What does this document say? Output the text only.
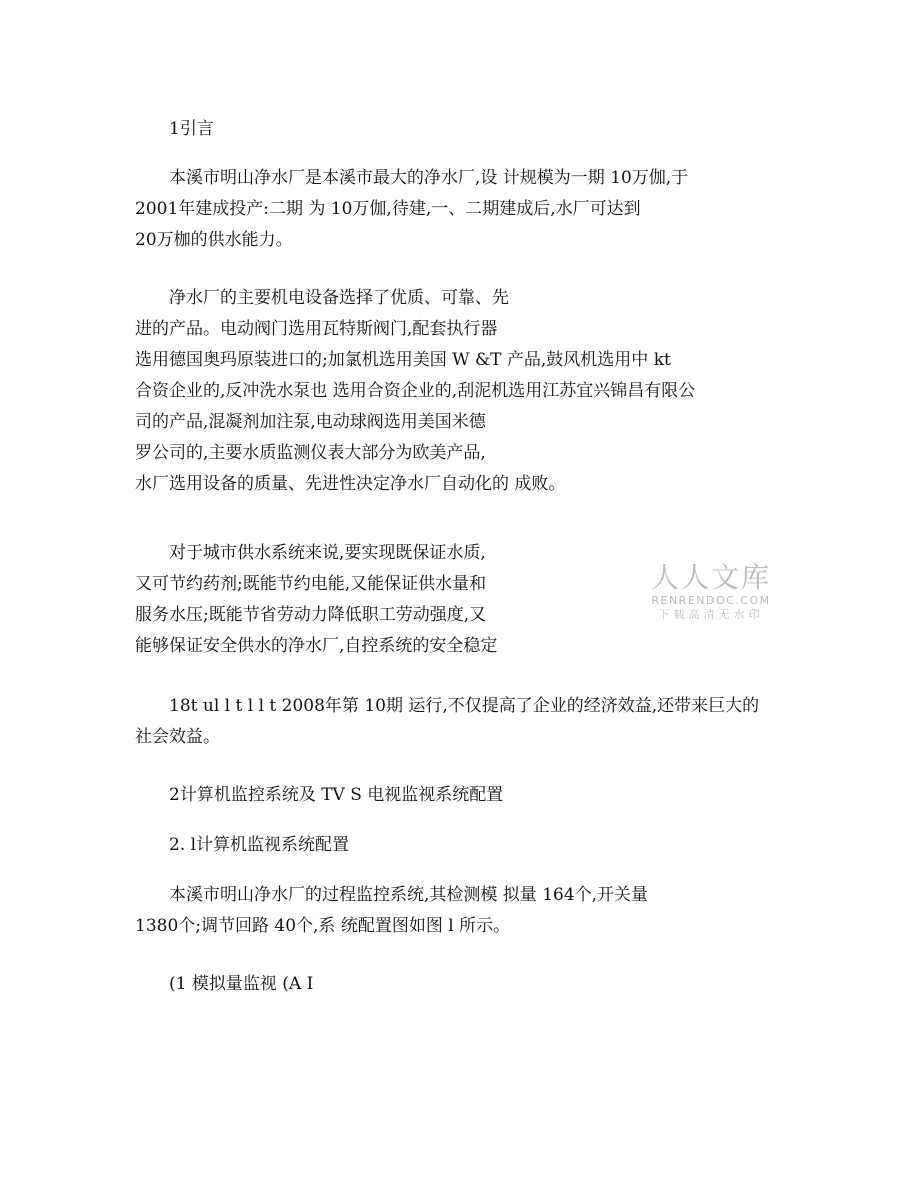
1引言

本溪市明山净水厂是本溪市最大的净水厂,设 计规模为一期 10万伽,于
2001年建成投产:二期 为 10万伽,待建,一、二期建成后,水厂可达到
20万枷的供水能力。

净水厂的主要机电设备选择了优质、可靠、先
进的产品。电动阀门选用瓦特斯阀门,配套执行器
选用德国奥玛原装进口的;加氯机选用美国 W &T 产品,鼓风机选用中 kt
合资企业的,反冲洗水泵也 选用合资企业的,刮泥机选用江苏宜兴锦昌有限公
司的产品,混凝剂加注泵,电动球阀选用美国米德
罗公司的,主要水质监测仪表大部分为欧美产品,
水厂选用设备的质量、先进性决定净水厂自动化的 成败。

对于城市供水系统来说,要实现既保证水质,
又可节约药剂;既能节约电能,又能保证供水量和
服务水压;既能节省劳动力降低职工劳动强度,又
能够保证安全供水的净水厂,自控系统的安全稳定

18t ul l t l l t 2008年第 10期 运行,不仅提高了企业的经济效益,还带来巨大的
社会效益。

2计算机监控系统及 TV S 电视监视系统配置

2. l计算机监视系统配置

本溪市明山净水厂的过程监控系统,其检测模 拟量 164个,开关量
1380个;调节回路 40个,系 统配置图如图 l 所示。

(1 模拟量监视 (A I

人人文库
RENRENDOC.COM
下载高清无水印
